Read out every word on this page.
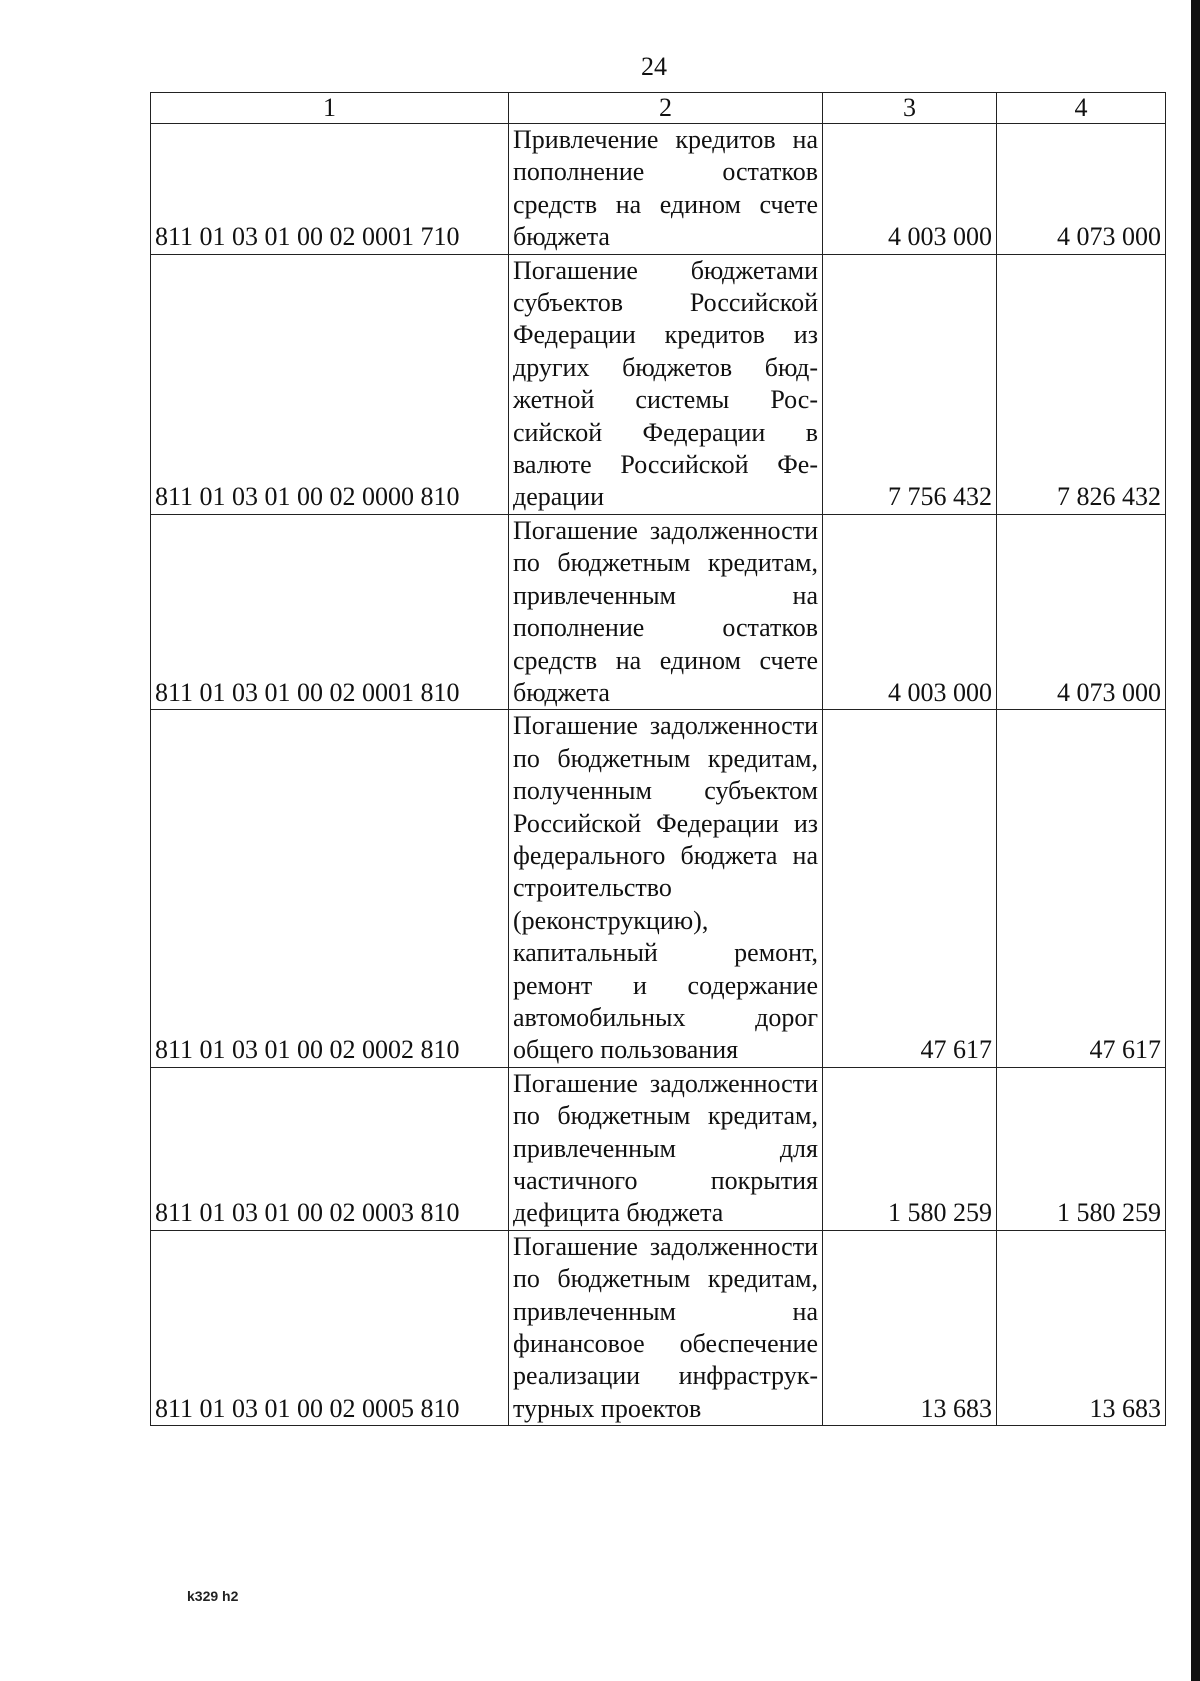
24
1	2	3	4
811 01 03 01 00 02 0001 710	Привлечение кредитов на пополнение остатков средств на едином счете бюджета	4 003 000	4 073 000
811 01 03 01 00 02 0000 810	Погашение бюджетами субъектов Российской Федерации кредитов из других бюджетов бюджетной системы Российской Федерации в валюте Российской Федерации	7 756 432	7 826 432
811 01 03 01 00 02 0001 810	Погашение задолженности по бюджетным кредитам, привлеченным на пополнение остатков средств на едином счете бюджета	4 003 000	4 073 000
811 01 03 01 00 02 0002 810	Погашение задолженности по бюджетным кредитам, полученным субъектом Российской Федерации из федерального бюджета на строительство (реконструкцию), капитальный ремонт, ремонт и содержание автомобильных дорог общего пользования	47 617	47 617
811 01 03 01 00 02 0003 810	Погашение задолженности по бюджетным кредитам, привлеченным для частичного покрытия дефицита бюджета	1 580 259	1 580 259
811 01 03 01 00 02 0005 810	Погашение задолженности по бюджетным кредитам, привлеченным на финансовое обеспечение реализации инфраструктурных проектов	13 683	13 683
k329 h2
